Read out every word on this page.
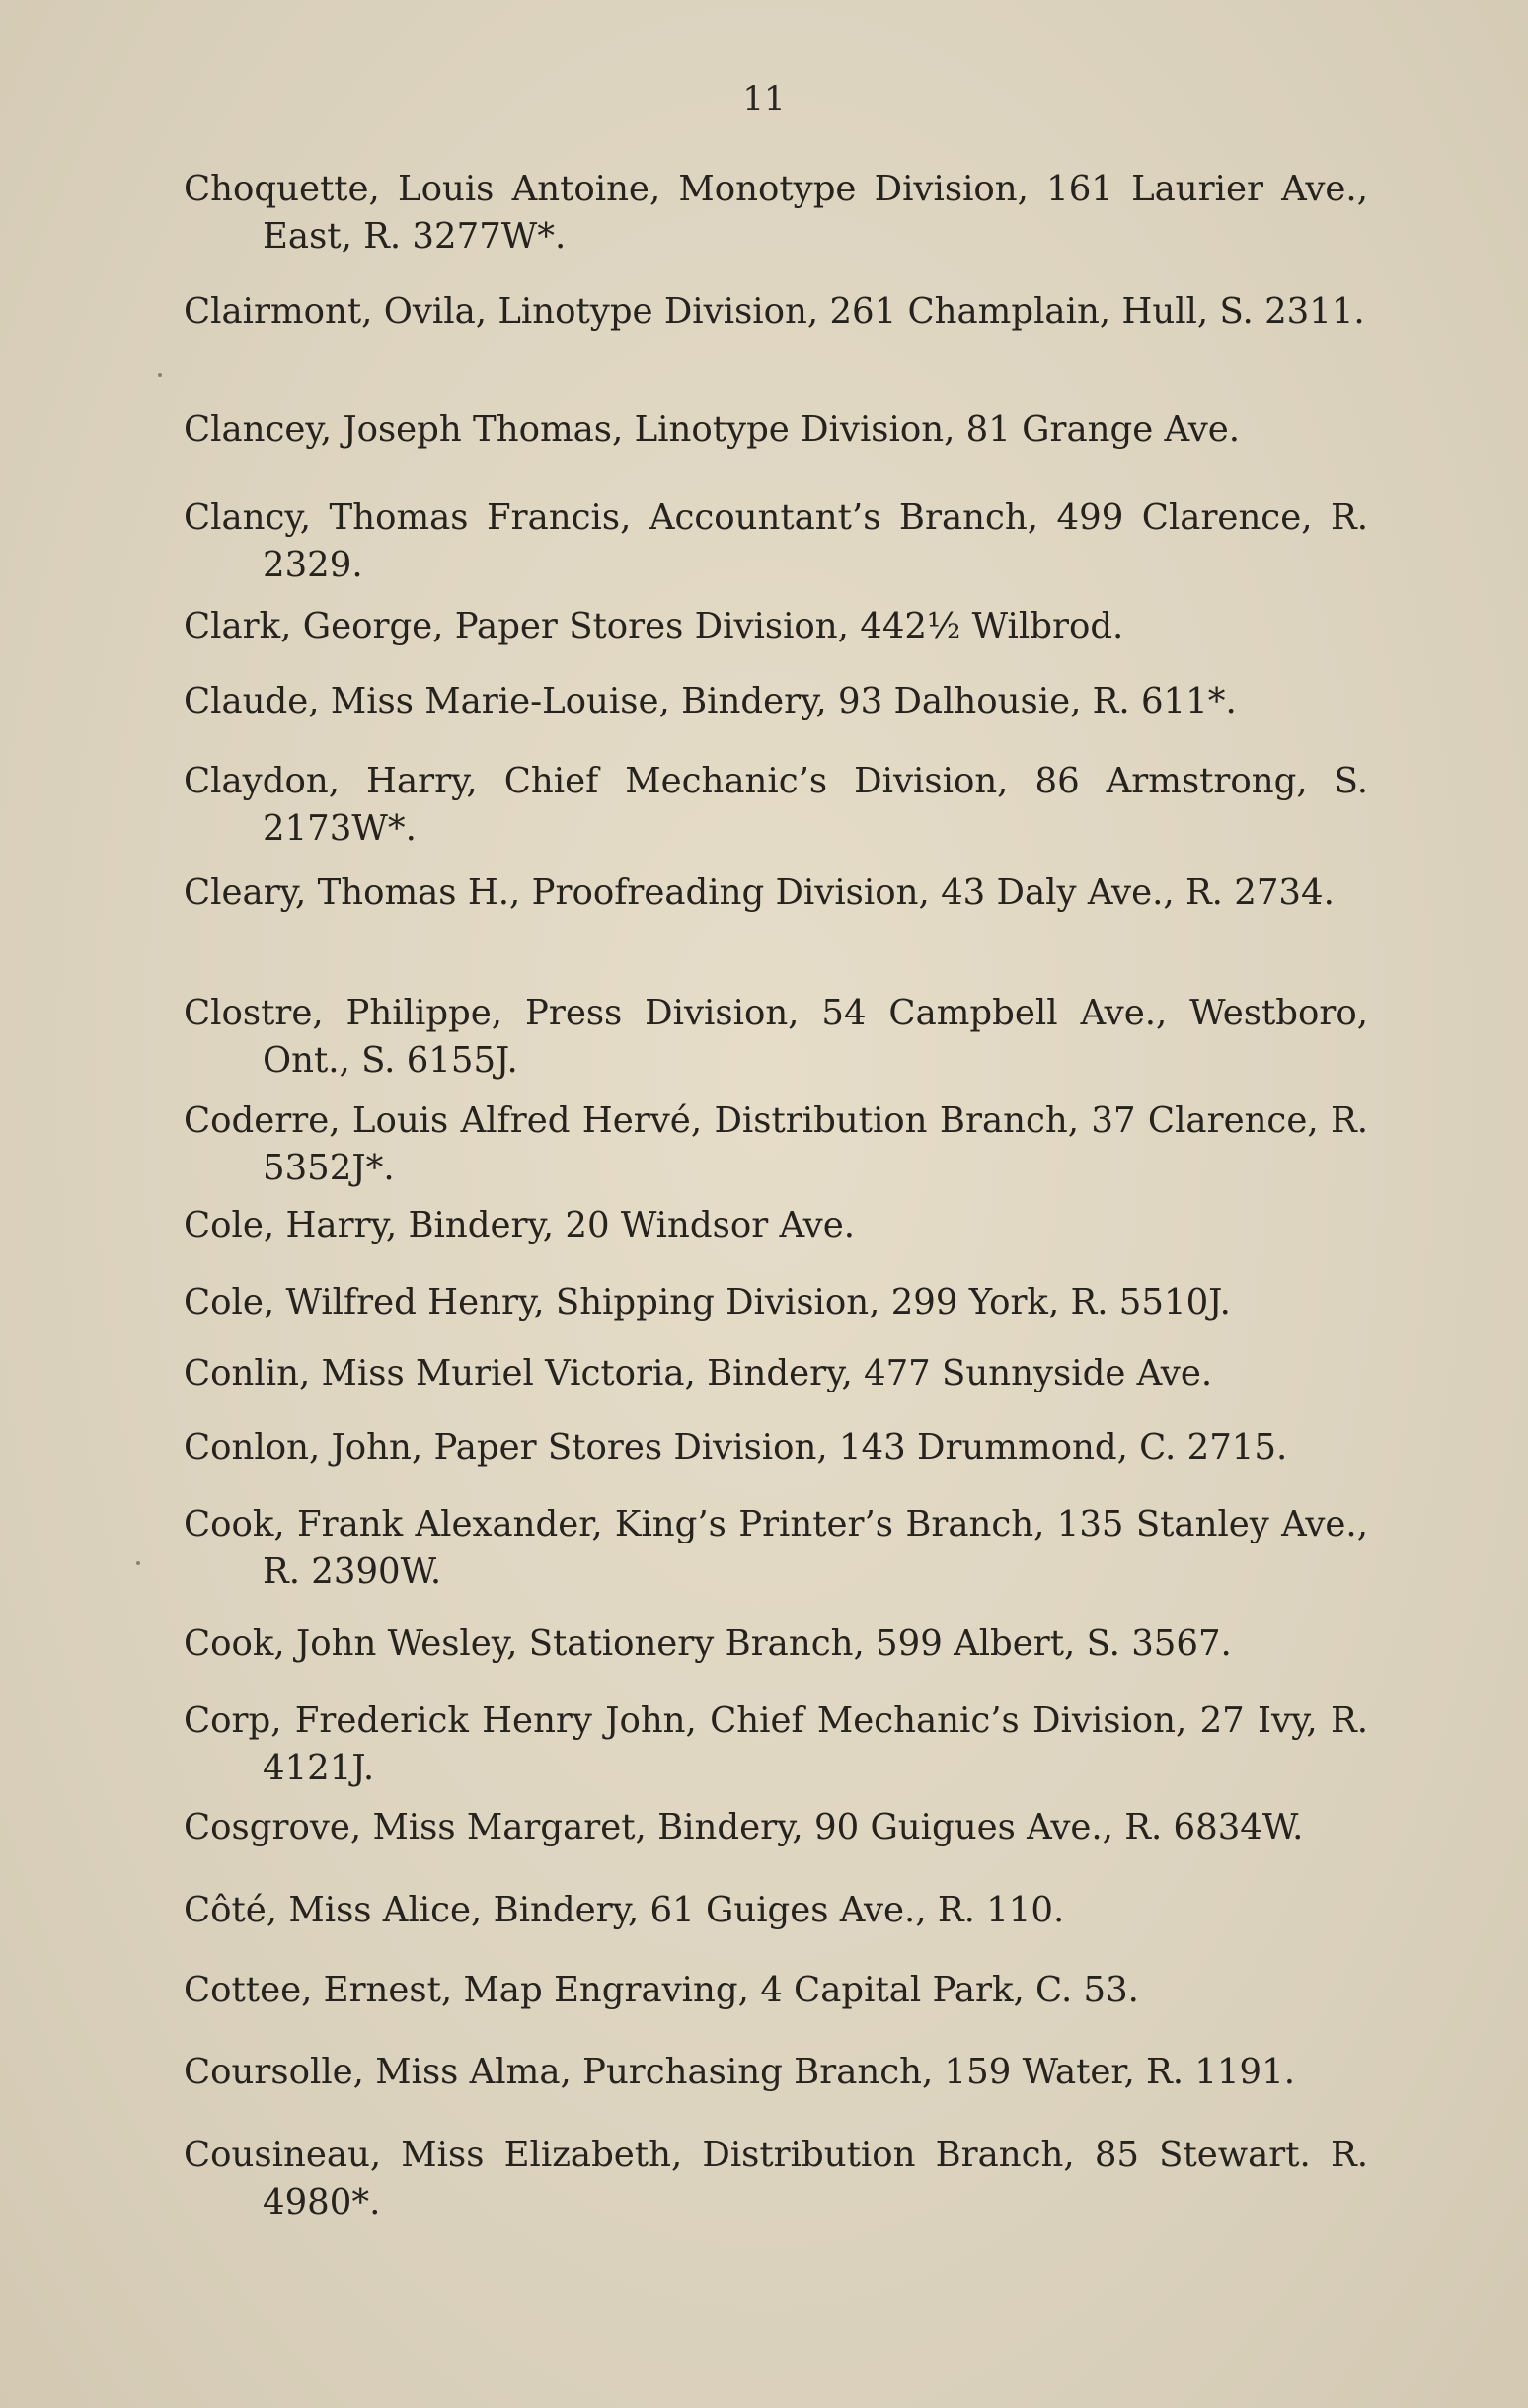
11
Choquette, Louis Antoine, Monotype Division, 161 Laurier Ave., East, R. 3277W*.
Clairmont, Ovila, Linotype Division, 261 Champlain, Hull, S. 2311.
Clancey, Joseph Thomas, Linotype Division, 81 Grange Ave.
Clancy, Thomas Francis, Accountant’s Branch, 499 Clarence, R. 2329.
Clark, George, Paper Stores Division, 442½ Wilbrod.
Claude, Miss Marie-Louise, Bindery, 93 Dalhousie, R. 611*.
Claydon, Harry, Chief Mechanic’s Division, 86 Armstrong, S. 2173W*.
Cleary, Thomas H., Proofreading Division, 43 Daly Ave., R. 2734.
Clostre, Philippe, Press Division, 54 Campbell Ave., Westboro, Ont., S. 6155J.
Coderre, Louis Alfred Hervé, Distribution Branch, 37 Clarence, R. 5352J*.
Cole, Harry, Bindery, 20 Windsor Ave.
Cole, Wilfred Henry, Shipping Division, 299 York, R. 5510J.
Conlin, Miss Muriel Victoria, Bindery, 477 Sunnyside Ave.
Conlon, John, Paper Stores Division, 143 Drummond, C. 2715.
Cook, Frank Alexander, King’s Printer’s Branch, 135 Stanley Ave., R. 2390W.
Cook, John Wesley, Stationery Branch, 599 Albert, S. 3567.
Corp, Frederick Henry John, Chief Mechanic’s Division, 27 Ivy, R. 4121J.
Cosgrove, Miss Margaret, Bindery, 90 Guigues Ave., R. 6834W.
Côté, Miss Alice, Bindery, 61 Guiges Ave., R. 110.
Cottee, Ernest, Map Engraving, 4 Capital Park, C. 53.
Coursolle, Miss Alma, Purchasing Branch, 159 Water, R. 1191.
Cousineau, Miss Elizabeth, Distribution Branch, 85 Stewart. R. 4980*.
